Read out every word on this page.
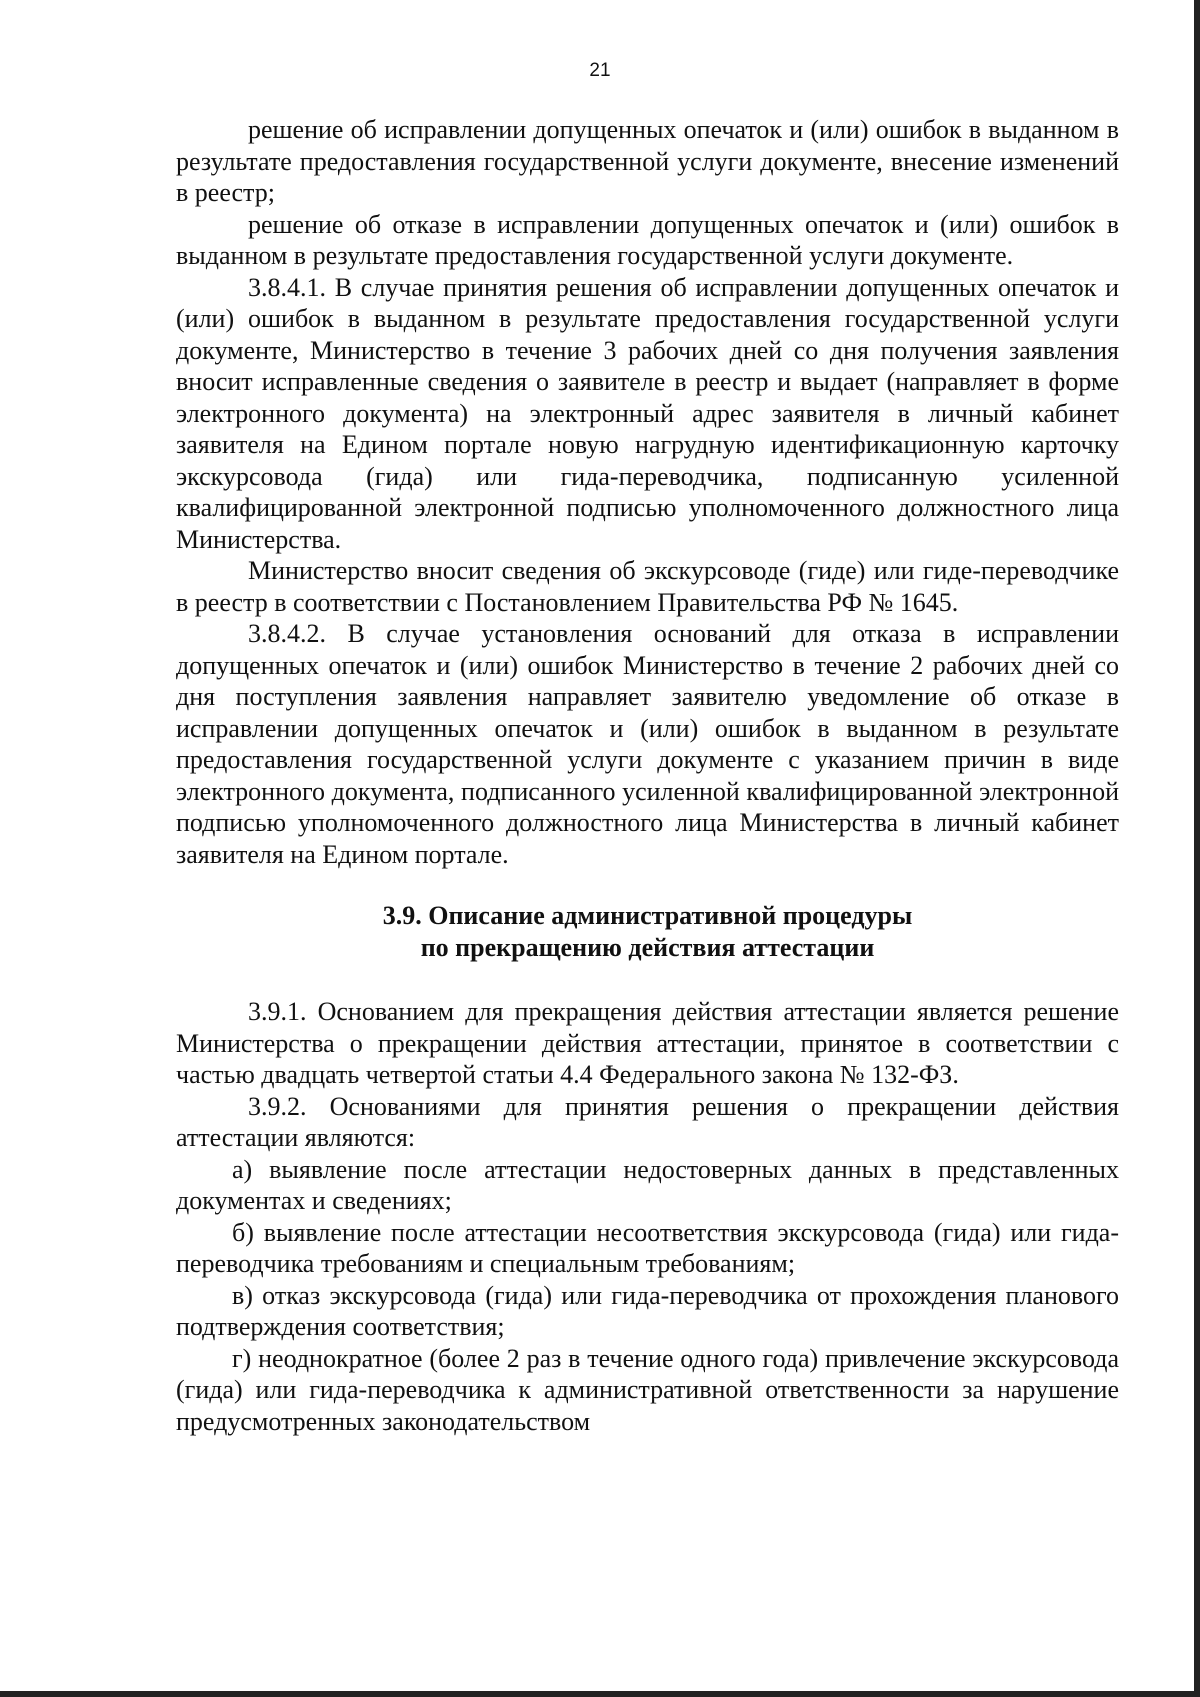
21

решение об исправлении допущенных опечаток и (или) ошибок в выданном в результате предоставления государственной услуги документе, внесение изменений в реестр;

решение об отказе в исправлении допущенных опечаток и (или) ошибок в выданном в результате предоставления государственной услуги документе.

3.8.4.1. В случае принятия решения об исправлении допущенных опечаток и (или) ошибок в выданном в результате предоставления государственной услуги документе, Министерство в течение 3 рабочих дней со дня получения заявления вносит исправленные сведения о заявителе в реестр и выдает (направляет в форме электронного документа) на электронный адрес заявителя в личный кабинет заявителя на Едином портале новую нагрудную идентификационную карточку экскурсовода (гида) или гида-переводчика, подписанную усиленной квалифицированной электронной подписью уполномоченного должностного лица Министерства.

Министерство вносит сведения об экскурсоводе (гиде) или гиде-переводчике в реестр в соответствии с Постановлением Правительства РФ № 1645.

3.8.4.2. В случае установления оснований для отказа в исправлении допущенных опечаток и (или) ошибок Министерство в течение 2 рабочих дней со дня поступления заявления направляет заявителю уведомление об отказе в исправлении допущенных опечаток и (или) ошибок в выданном в результате предоставления государственной услуги документе с указанием причин в виде электронного документа, подписанного усиленной квалифицированной электронной подписью уполномоченного должностного лица Министерства в личный кабинет заявителя на Едином портале.

3.9. Описание административной процедуры
по прекращению действия аттестации

3.9.1. Основанием для прекращения действия аттестации является решение Министерства о прекращении действия аттестации, принятое в соответствии с частью двадцать четвертой статьи 4.4 Федерального закона № 132-ФЗ.

3.9.2. Основаниями для принятия решения о прекращении действия аттестации являются:

а) выявление после аттестации недостоверных данных в представленных документах и сведениях;

б) выявление после аттестации несоответствия экскурсовода (гида) или гида-переводчика требованиям и специальным требованиям;

в) отказ экскурсовода (гида) или гида-переводчика от прохождения планового подтверждения соответствия;

г) неоднократное (более 2 раз в течение одного года) привлечение экскурсовода (гида) или гида-переводчика к административной ответственности за нарушение предусмотренных законодательством
